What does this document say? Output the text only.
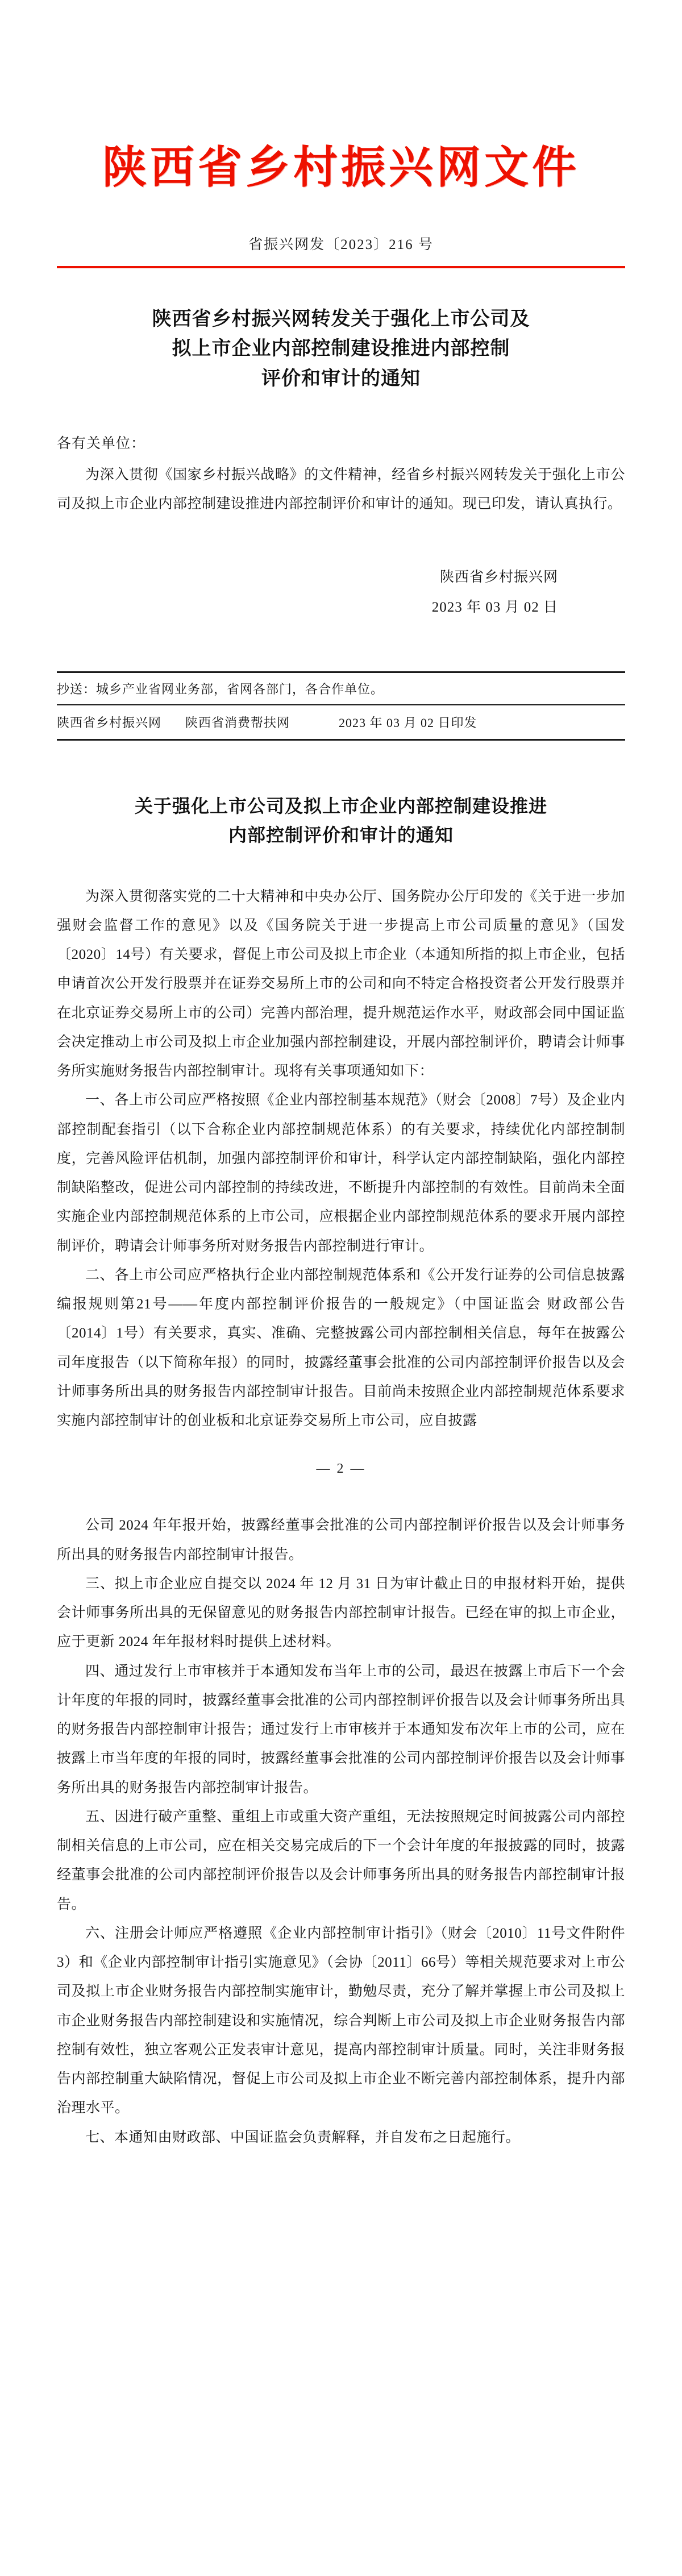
陕西省乡村振兴网文件
省振兴网发〔2023〕216 号
陕西省乡村振兴网转发关于强化上市公司及
拟上市企业内部控制建设推进内部控制
评价和审计的通知
各有关单位：
为深入贯彻《国家乡村振兴战略》的文件精神，经省乡村振兴网转发关于强化上市公司及拟上市企业内部控制建设推进内部控制评价和审计的通知。现已印发，请认真执行。
陕西省乡村振兴网
2023 年 03 月 02 日
抄送：城乡产业省网业务部，省网各部门，各合作单位。
陕西省乡村振兴网 陕西省消费帮扶网	2023 年 03 月 02 日印发
关于强化上市公司及拟上市企业内部控制建设推进
内部控制评价和审计的通知
为深入贯彻落实党的二十大精神和中央办公厅、国务院办公厅印发的《关于进一步加强财会监督工作的意见》以及《国务院关于进一步提高上市公司质量的意见》（国发〔2020〕14号）有关要求，督促上市公司及拟上市企业（本通知所指的拟上市企业，包括申请首次公开发行股票并在证券交易所上市的公司和向不特定合格投资者公开发行股票并在北京证券交易所上市的公司）完善内部治理，提升规范运作水平，财政部会同中国证监会决定推动上市公司及拟上市企业加强内部控制建设，开展内部控制评价，聘请会计师事务所实施财务报告内部控制审计。现将有关事项通知如下：
一、各上市公司应严格按照《企业内部控制基本规范》（财会〔2008〕7号）及企业内部控制配套指引（以下合称企业内部控制规范体系）的有关要求，持续优化内部控制制度，完善风险评估机制，加强内部控制评价和审计，科学认定内部控制缺陷，强化内部控制缺陷整改，促进公司内部控制的持续改进，不断提升内部控制的有效性。目前尚未全面实施企业内部控制规范体系的上市公司，应根据企业内部控制规范体系的要求开展内部控制评价，聘请会计师事务所对财务报告内部控制进行审计。
二、各上市公司应严格执行企业内部控制规范体系和《公开发行证券的公司信息披露编报规则第21号——年度内部控制评价报告的一般规定》（中国证监会 财政部公告〔2014〕1号）有关要求，真实、准确、完整披露公司内部控制相关信息，每年在披露公司年度报告（以下简称年报）的同时，披露经董事会批准的公司内部控制评价报告以及会计师事务所出具的财务报告内部控制审计报告。目前尚未按照企业内部控制规范体系要求实施内部控制审计的创业板和北京证券交易所上市公司，应自披露
— 2 —
公司 2024 年年报开始，披露经董事会批准的公司内部控制评价报告以及会计师事务所出具的财务报告内部控制审计报告。
三、拟上市企业应自提交以 2024 年 12 月 31 日为审计截止日的申报材料开始，提供会计师事务所出具的无保留意见的财务报告内部控制审计报告。已经在审的拟上市企业，应于更新 2024 年年报材料时提供上述材料。
四、通过发行上市审核并于本通知发布当年上市的公司，最迟在披露上市后下一个会计年度的年报的同时，披露经董事会批准的公司内部控制评价报告以及会计师事务所出具的财务报告内部控制审计报告；通过发行上市审核并于本通知发布次年上市的公司，应在披露上市当年度的年报的同时，披露经董事会批准的公司内部控制评价报告以及会计师事务所出具的财务报告内部控制审计报告。
五、因进行破产重整、重组上市或重大资产重组，无法按照规定时间披露公司内部控制相关信息的上市公司，应在相关交易完成后的下一个会计年度的年报披露的同时，披露经董事会批准的公司内部控制评价报告以及会计师事务所出具的财务报告内部控制审计报告。
六、注册会计师应严格遵照《企业内部控制审计指引》（财会〔2010〕11号文件附件3）和《企业内部控制审计指引实施意见》（会协〔2011〕66号）等相关规范要求对上市公司及拟上市企业财务报告内部控制实施审计，勤勉尽责，充分了解并掌握上市公司及拟上市企业财务报告内部控制建设和实施情况，综合判断上市公司及拟上市企业财务报告内部控制有效性，独立客观公正发表审计意见，提高内部控制审计质量。同时，关注非财务报告内部控制重大缺陷情况，督促上市公司及拟上市企业不断完善内部控制体系，提升内部治理水平。
七、本通知由财政部、中国证监会负责解释，并自发布之日起施行。
